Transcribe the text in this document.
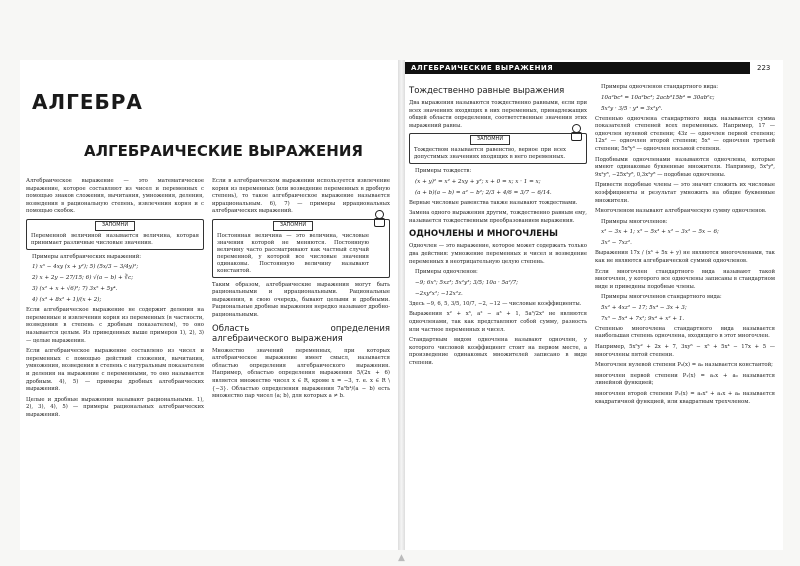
АЛГЕБРА
АЛГЕБРАИЧЕСКИЕ ВЫРАЖЕНИЯ

Алгебраическое выражение — это математическое выражение, которое составляют из чисел и переменных с помощью знаков сложения, вычитания, умножения, деления, возведения в рациональную степень, извлечения корня и с помощью скобок.

ЗАПОМНИ
Переменной величиной называется величина, которая принимает различные числовые значения.
Примеры алгебраических выражений:
1) x³ − 4xy (x + y²); 5) (5x/3 − 3/4y)²;
2) x + 2y − 27/15; 6) √(a − b) + ∛c;
3) (x² + x + √6)³; 7) 3x⁵ + 5y⁴.
4) (x³ + 8x² + 1)/(x + 2);

Если алгебраическое выражение не содержит деления на переменные и извлечения корня из переменных (в частности, возведения в степень с дробным показателем), то оно называется целым. Из приведенных выше примеров 1), 2), 3) — целые выражения.

Если алгебраическое выражение составлено из чисел и переменных с помощью действий сложения, вычитания, умножения, возведения в степень с натуральным показателем и деления на выражение с переменными, то оно называется дробным. 4), 5) — примеры дробных алгебраических выражений.

Целые и дробные выражения называют рациональными. 1), 2), 3), 4), 5) — примеры рациональных алгебраических выражений.

Если в алгебраическом выражении используется извлечение корня из переменных (или возведение переменных в дробную степень), то такое алгебраическое выражение называется иррациональным. 6), 7) — примеры иррациональных алгебраических выражений.

ЗАПОМНИ
Постоянная величина — это величина, числовые значения которой не меняются. Постоянную величину часто рассматривают как частный случай переменной, у которой все числовые значения одинаковы. Постоянную величину называют константой.

Таким образом, алгебраические выражения могут быть рациональными и иррациональными. Рациональные выражения, в свою очередь, бывают целыми и дробными. Рациональные дробные выражения нередко называют дробно-рациональными.

Область определения алгебраического выражения

Множество значений переменных, при которых алгебраическое выражение имеет смысл, называется областью определения алгебраического выражения. Например, областью определения выражения 5/(2x + 6) является множество чисел x ∈ R, кроме x = −3, т. е. x ∈ R \ {−3}. Областью определения выражения 7a⁵b⁴/(a − b) есть множество пар чисел (a; b), для которых a ≠ b.

АЛГЕБРАИЧЕСКИЕ ВЫРАЖЕНИЯ	223
Тождественно равные выражения

Два выражения называются тождественно равными, если при всех значениях входящих в них переменных, принадлежащих общей области определения, соответственные значения этих выражений равны.

ЗАПОМНИ
Тождеством называется равенство, верное при всех допустимых значениях входящих в него переменных.
Примеры тождеств:
(x + y)² = x² + 2xy + y²; x + 0 = x; x · 1 = x;
(a + b)(a − b) = a² − b²; 2/3 + 4/6 = 3/7 − 6/14.

Верные числовые равенства также называют тождествами.

Замена одного выражения другим, тождественно равным ему, называется тождественным преобразованием выражения.

ОДНОЧЛЕНЫ И МНОГОЧЛЕНЫ

Одночлен — это выражение, которое может содержать только два действия: умножение переменных и чисел и возведение переменных в неотрицательную целую степень.

Примеры одночленов:
−9; 6x⁵; 5xz³; 5x²y³; 3/5; 10a · 5a²/7;
−2xy²x²; −12x²z.

Здесь −9, 6, 5, 3/5, 10/7, −2, −12 — числовые коэффициенты.

Выражения x² + x³, a² − a³ + 1, 5a³/2x² не являются одночленами, так как представляют собой сумму, разность или частное переменных и чисел.

Стандартным видом одночлена называют одночлен, у которого числовой коэффициент стоит на первом месте, а произведение одинаковых множителей записано в виде степени.

Примеры одночленов стандартного вида:
10a²bc³ = 10a²bc³; 2acb³15b⁴ = 30ab⁶c;
5x²y · 3/5 · y⁴ = 3x²y⁵.

Степенью одночлена стандартного вида называется сумма показателей степеней всех переменных. Например, 17 — одночлен нулевой степени; 43z — одночлен первой степени; 12x² — одночлен второй степени; 5x³ — одночлен третьей степени; 5x⁸y³ — одночлен восьмой степени.

Подобными одночленами называются одночлены, которые имеют одинаковые буквенные множители. Например, 5x²y⁸, 9x²y⁸, −25x²y⁸, 0,3x²y⁸ — подобные одночлены.

Привести подобные члены — это значит сложить их числовые коэффициенты и результат умножить на общие буквенные множители.

Многочленом называют алгебраическую сумму одночленов.

Примеры многочленов:
x² − 3x + 1; x⁵ − 5x³ + x² − 3x² − 5x − 6;
3x² − 7xz².

Выражения 17x / (x³ + 5x + y) не являются многочленами, так как не являются алгебраической суммой одночленов.

Если многочлен стандартного вида называют такой многочлен, у которого все одночлены записаны в стандартном виде и приведены подобные члены.

Примеры многочленов стандартного вида:
5x² + 4xz² − 17; 5x⁴ − 3x + 3;
7x⁵ − 5x⁴ + 7x²; 9x⁴ + x² + 1.

Степенью многочлена стандартного вида называется наибольшая степень одночлена, входящего в этот многочлен.

Например, 5x⁵y² + 2x + 7, 3xy⁶ − x⁵ + 5x⁴ − 17x + 5 — многочлены пятой степени.

Многочлен нулевой степени P₀(x) = a₀ называется константой;

многочлен первой степени P₁(x) = a₁x + a₀ называется линейной функцией;

многочлен второй степени P₂(x) = a₂x² + a₁x + a₀ называется квадратичной функцией, или квадратным трехчленом.

▲
